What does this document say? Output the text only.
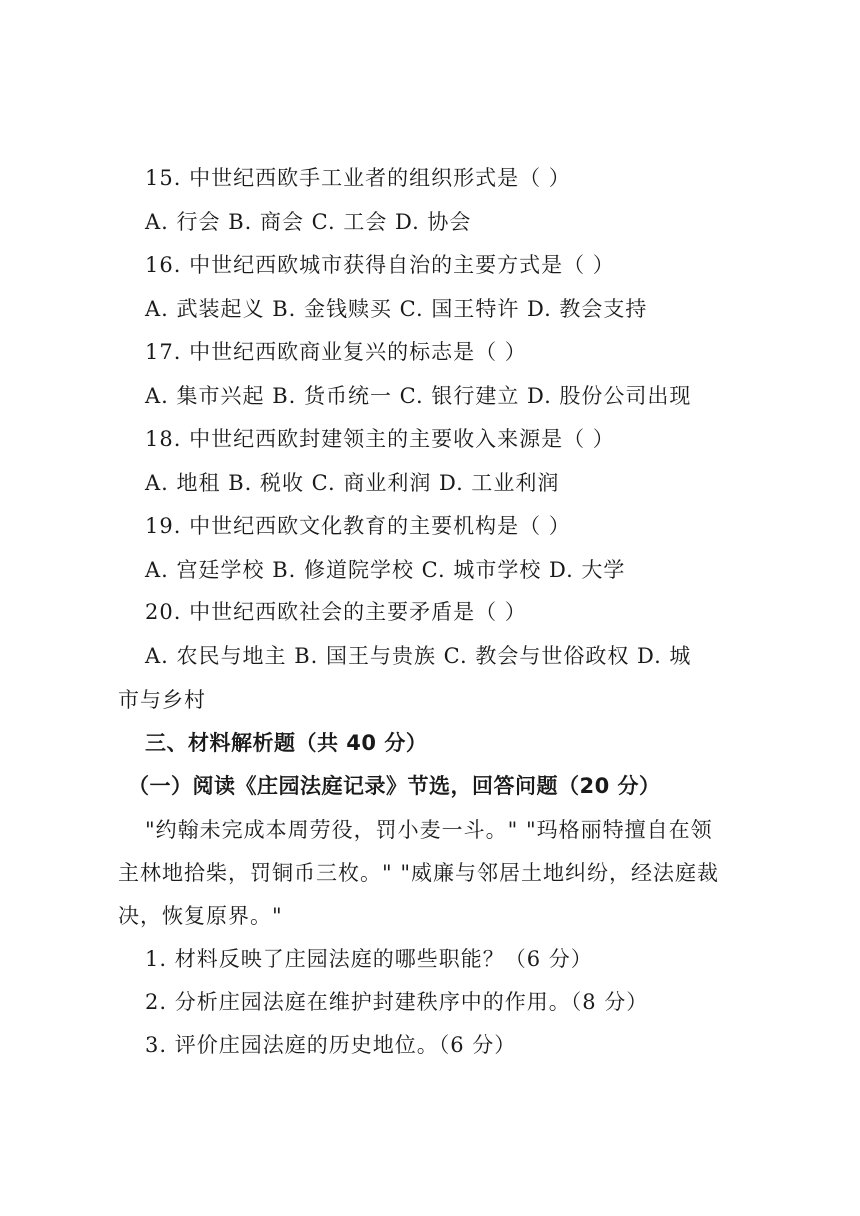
15. 中世纪西欧手工业者的组织形式是（ ）
A. 行会 B. 商会 C. 工会 D. 协会
16. 中世纪西欧城市获得自治的主要方式是（ ）
A. 武装起义 B. 金钱赎买 C. 国王特许 D. 教会支持
17. 中世纪西欧商业复兴的标志是（ ）
A. 集市兴起 B. 货币统一 C. 银行建立 D. 股份公司出现
18. 中世纪西欧封建领主的主要收入来源是（ ）
A. 地租 B. 税收 C. 商业利润 D. 工业利润
19. 中世纪西欧文化教育的主要机构是（ ）
A. 宫廷学校 B. 修道院学校 C. 城市学校 D. 大学
20. 中世纪西欧社会的主要矛盾是（ ）
A. 农民与地主 B. 国王与贵族 C. 教会与世俗政权 D. 城
市与乡村
三、材料解析题（共 40 分）
（一）阅读《庄园法庭记录》节选，回答问题（20 分）
"约翰未完成本周劳役，罚小麦一斗。" "玛格丽特擅自在领
主林地拾柴，罚铜币三枚。" "威廉与邻居土地纠纷，经法庭裁
决，恢复原界。"
1. 材料反映了庄园法庭的哪些职能？（6 分）
2. 分析庄园法庭在维护封建秩序中的作用。（8 分）
3. 评价庄园法庭的历史地位。（6 分）
